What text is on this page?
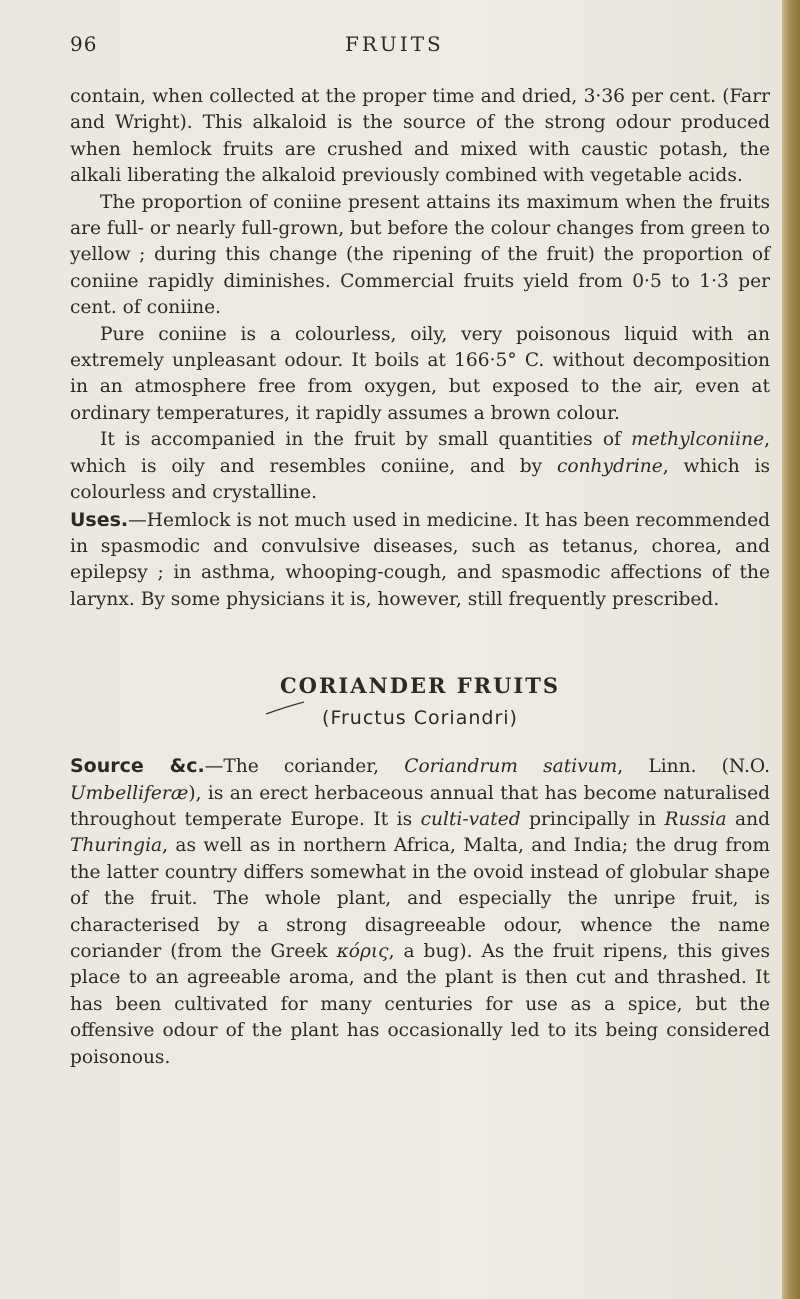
96	FRUITS

contain, when collected at the proper time and dried, 3·36 per cent. (Farr and Wright). This alkaloid is the source of the strong odour produced when hemlock fruits are crushed and mixed with caustic potash, the alkali liberating the alkaloid previously combined with vegetable acids.

The proportion of coniine present attains its maximum when the fruits are full- or nearly full-grown, but before the colour changes from green to yellow ; during this change (the ripening of the fruit) the proportion of coniine rapidly diminishes. Commercial fruits yield from 0·5 to 1·3 per cent. of coniine.

Pure coniine is a colourless, oily, very poisonous liquid with an extremely unpleasant odour. It boils at 166·5° C. without decomposition in an atmosphere free from oxygen, but exposed to the air, even at ordinary temperatures, it rapidly assumes a brown colour.

It is accompanied in the fruit by small quantities of methylconiine, which is oily and resembles coniine, and by conhydrine, which is colourless and crystalline.

Uses.—Hemlock is not much used in medicine. It has been recommended in spasmodic and convulsive diseases, such as tetanus, chorea, and epilepsy ; in asthma, whooping-cough, and spasmodic affections of the larynx. By some physicians it is, however, still frequently prescribed.

CORIANDER FRUITS
(Fructus Coriandri)

Source &c.—The coriander, Coriandrum sativum, Linn. (N.O. Umbelliferæ), is an erect herbaceous annual that has become naturalised throughout temperate Europe. It is culti-vated principally in Russia and Thuringia, as well as in northern Africa, Malta, and India; the drug from the latter country differs somewhat in the ovoid instead of globular shape of the fruit. The whole plant, and especially the unripe fruit, is characterised by a strong disagreeable odour, whence the name coriander (from the Greek κόρις, a bug). As the fruit ripens, this gives place to an agreeable aroma, and the plant is then cut and thrashed. It has been cultivated for many centuries for use as a spice, but the offensive odour of the plant has occasionally led to its being considered poisonous.
